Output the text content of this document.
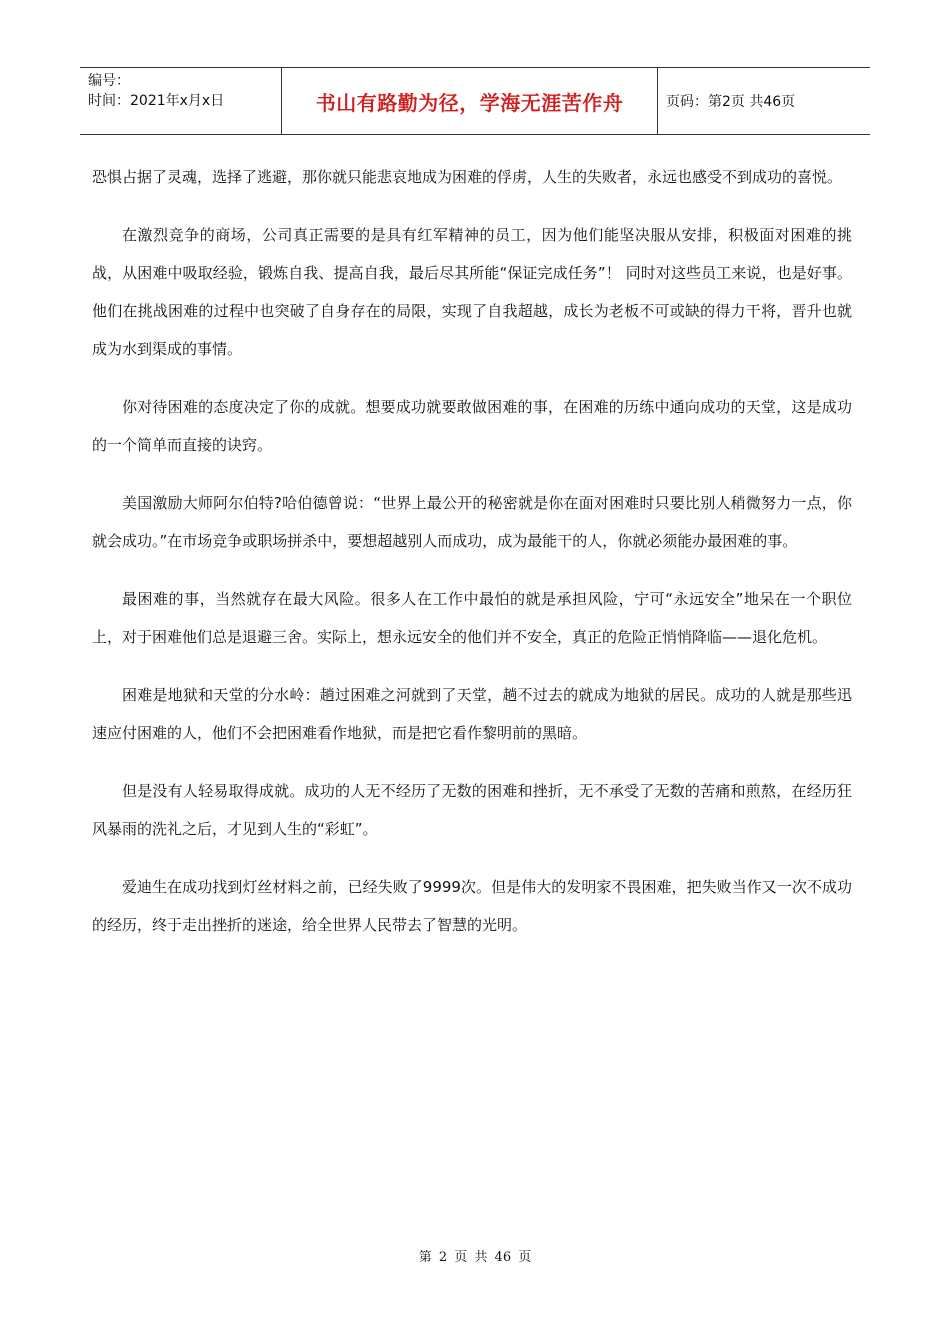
编号：
时间：2021年x月x日	书山有路勤为径，学海无涯苦作舟	页码：第2页 共46页

恐惧占据了灵魂，选择了逃避，那你就只能悲哀地成为困难的俘虏，人生的失败者，永远也感受不到成功的喜悦。

在激烈竞争的商场，公司真正需要的是具有红军精神的员工，因为他们能坚决服从安排，积极面对困难的挑战，从困难中吸取经验，锻炼自我、提高自我，最后尽其所能“保证完成任务”！ 同时对这些员工来说，也是好事。他们在挑战困难的过程中也突破了自身存在的局限，实现了自我超越，成长为老板不可或缺的得力干将，晋升也就成为水到渠成的事情。

你对待困难的态度决定了你的成就。想要成功就要敢做困难的事，在困难的历练中通向成功的天堂，这是成功的一个简单而直接的诀窍。

美国激励大师阿尔伯特?哈伯德曾说：“世界上最公开的秘密就是你在面对困难时只要比别人稍微努力一点，你就会成功。”在市场竞争或职场拼杀中，要想超越别人而成功，成为最能干的人，你就必须能办最困难的事。

最困难的事，当然就存在最大风险。很多人在工作中最怕的就是承担风险，宁可“永远安全”地呆在一个职位上，对于困难他们总是退避三舍。实际上，想永远安全的他们并不安全，真正的危险正悄悄降临——退化危机。

困难是地狱和天堂的分水岭：趟过困难之河就到了天堂，趟不过去的就成为地狱的居民。成功的人就是那些迅速应付困难的人，他们不会把困难看作地狱，而是把它看作黎明前的黑暗。

但是没有人轻易取得成就。成功的人无不经历了无数的困难和挫折，无不承受了无数的苦痛和煎熬，在经历狂风暴雨的洗礼之后，才见到人生的“彩虹”。

爱迪生在成功找到灯丝材料之前，已经失败了9999次。但是伟大的发明家不畏困难，把失败当作又一次不成功的经历，终于走出挫折的迷途，给全世界人民带去了智慧的光明。

第 2 页 共 46 页
